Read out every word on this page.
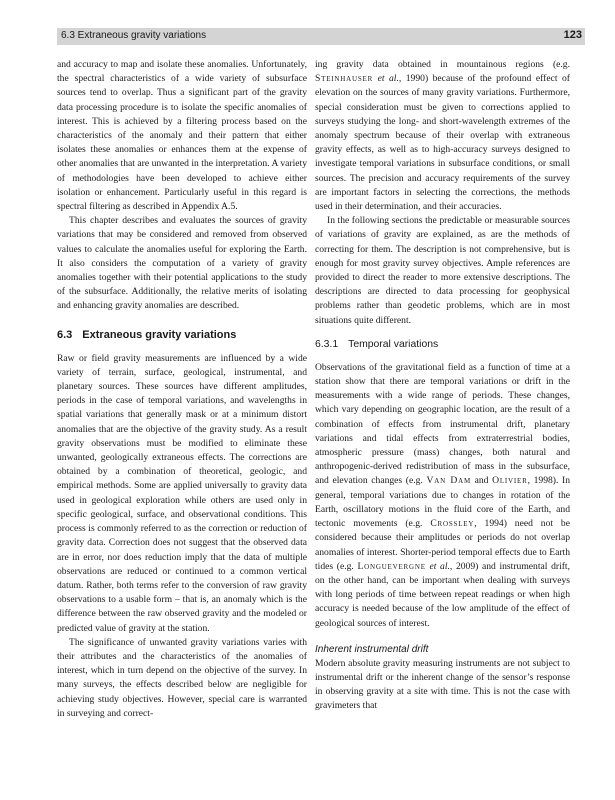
6.3 Extraneous gravity variations	123

and accuracy to map and isolate these anomalies. Unfortunately, the spectral characteristics of a wide variety of subsurface sources tend to overlap. Thus a significant part of the gravity data processing procedure is to isolate the specific anomalies of interest. This is achieved by a filtering process based on the characteristics of the anomaly and their pattern that either isolates these anomalies or enhances them at the expense of other anomalies that are unwanted in the interpretation. A variety of methodologies have been developed to achieve either isolation or enhancement. Particularly useful in this regard is spectral filtering as described in Appendix A.5.

This chapter describes and evaluates the sources of gravity variations that may be considered and removed from observed values to calculate the anomalies useful for exploring the Earth. It also considers the computation of a variety of gravity anomalies together with their potential applications to the study of the subsurface. Additionally, the relative merits of isolating and enhancing gravity anomalies are described.

6.3 Extraneous gravity variations

Raw or field gravity measurements are influenced by a wide variety of terrain, surface, geological, instrumental, and planetary sources. These sources have different amplitudes, periods in the case of temporal variations, and wavelengths in spatial variations that generally mask or at a minimum distort anomalies that are the objective of the gravity study. As a result gravity observations must be modified to eliminate these unwanted, geologically extraneous effects. The corrections are obtained by a combination of theoretical, geologic, and empirical methods. Some are applied universally to gravity data used in geological exploration while others are used only in specific geological, surface, and observational conditions. This process is commonly referred to as the correction or reduction of gravity data. Correction does not suggest that the observed data are in error, nor does reduction imply that the data of multiple observations are reduced or continued to a common vertical datum. Rather, both terms refer to the conversion of raw gravity observations to a usable form – that is, an anomaly which is the difference between the raw observed gravity and the modeled or predicted value of gravity at the station.

The significance of unwanted gravity variations varies with their attributes and the characteristics of the anomalies of interest, which in turn depend on the objective of the survey. In many surveys, the effects described below are negligible for achieving study objectives. However, special care is warranted in surveying and correct-

ing gravity data obtained in mountainous regions (e.g. Steinhauser et al., 1990) because of the profound effect of elevation on the sources of many gravity variations. Furthermore, special consideration must be given to corrections applied to surveys studying the long- and short-wavelength extremes of the anomaly spectrum because of their overlap with extraneous gravity effects, as well as to high-accuracy surveys designed to investigate temporal variations in subsurface conditions, or small sources. The precision and accuracy requirements of the survey are important factors in selecting the corrections, the methods used in their determination, and their accuracies.

In the following sections the predictable or measurable sources of variations of gravity are explained, as are the methods of correcting for them. The description is not comprehensive, but is enough for most gravity survey objectives. Ample references are provided to direct the reader to more extensive descriptions. The descriptions are directed to data processing for geophysical problems rather than geodetic problems, which are in most situations quite different.

6.3.1 Temporal variations

Observations of the gravitational field as a function of time at a station show that there are temporal variations or drift in the measurements with a wide range of periods. These changes, which vary depending on geographic location, are the result of a combination of effects from instrumental drift, planetary variations and tidal effects from extraterrestrial bodies, atmospheric pressure (mass) changes, both natural and anthropogenic-derived redistribution of mass in the subsurface, and elevation changes (e.g. Van Dam and Olivier, 1998). In general, temporal variations due to changes in rotation of the Earth, oscillatory motions in the fluid core of the Earth, and tectonic movements (e.g. Crossley, 1994) need not be considered because their amplitudes or periods do not overlap anomalies of interest. Shorter-period temporal effects due to Earth tides (e.g. Longuevergne et al., 2009) and instrumental drift, on the other hand, can be important when dealing with surveys with long periods of time between repeat readings or when high accuracy is needed because of the low amplitude of the effect of geological sources of interest.

Inherent instrumental drift

Modern absolute gravity measuring instruments are not subject to instrumental drift or the inherent change of the sensor’s response in observing gravity at a site with time. This is not the case with gravimeters that
